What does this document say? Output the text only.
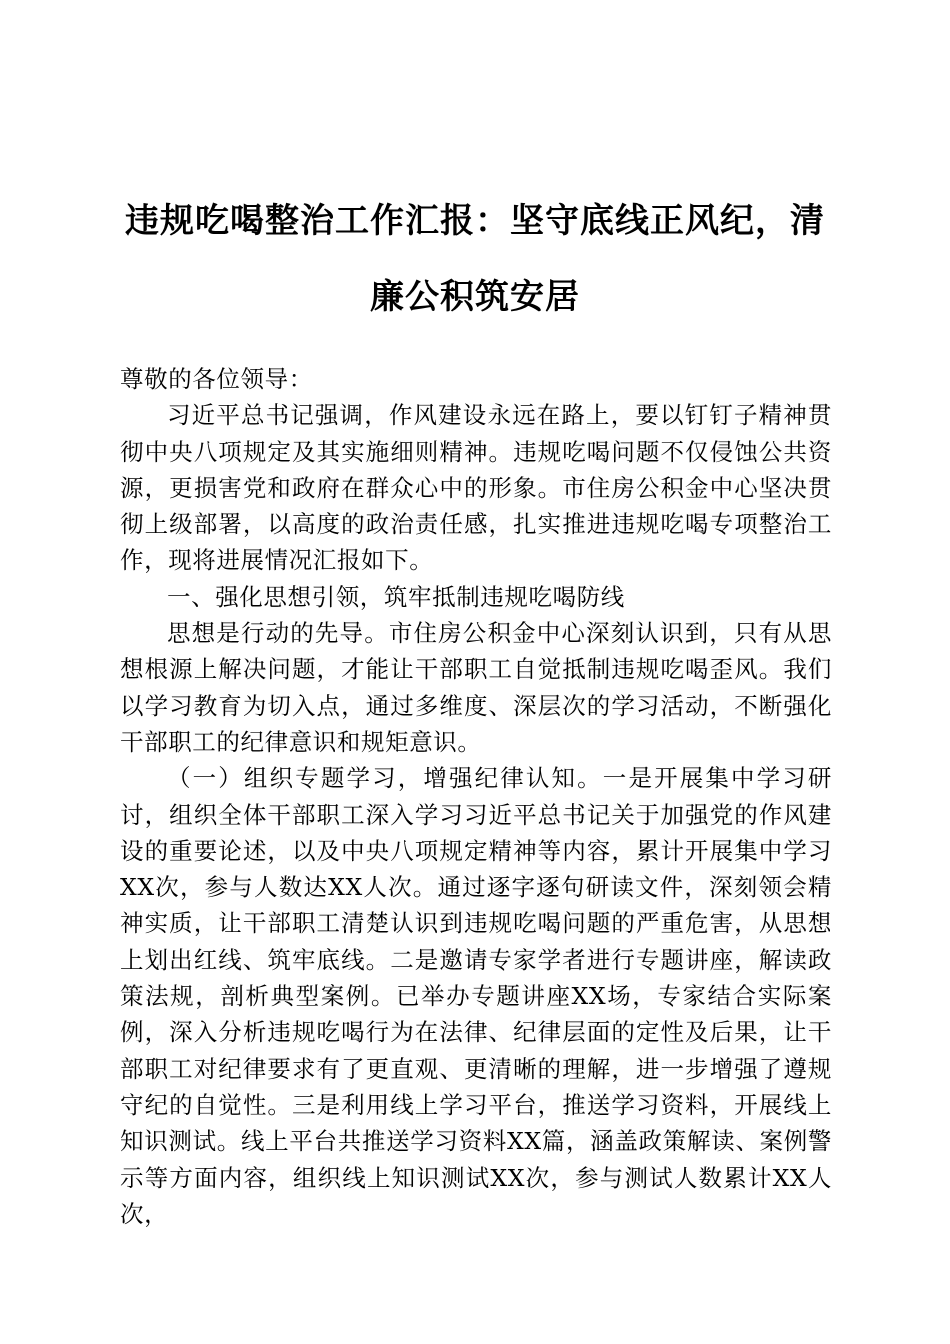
违规吃喝整治工作汇报：坚守底线正风纪，清
廉公积筑安居

尊敬的各位领导：

习近平总书记强调，作风建设永远在路上，要以钉钉子精神贯彻中央八项规定及其实施细则精神。违规吃喝问题不仅侵蚀公共资源，更损害党和政府在群众心中的形象。市住房公积金中心坚决贯彻上级部署，以高度的政治责任感，扎实推进违规吃喝专项整治工作，现将进展情况汇报如下。

一、强化思想引领，筑牢抵制违规吃喝防线

思想是行动的先导。市住房公积金中心深刻认识到，只有从思想根源上解决问题，才能让干部职工自觉抵制违规吃喝歪风。我们以学习教育为切入点，通过多维度、深层次的学习活动，不断强化干部职工的纪律意识和规矩意识。

（一）组织专题学习，增强纪律认知。一是开展集中学习研讨，组织全体干部职工深入学习习近平总书记关于加强党的作风建设的重要论述，以及中央八项规定精神等内容，累计开展集中学习XX次，参与人数达XX人次。通过逐字逐句研读文件，深刻领会精神实质，让干部职工清楚认识到违规吃喝问题的严重危害，从思想上划出红线、筑牢底线。二是邀请专家学者进行专题讲座，解读政策法规，剖析典型案例。已举办专题讲座XX场，专家结合实际案例，深入分析违规吃喝行为在法律、纪律层面的定性及后果，让干部职工对纪律要求有了更直观、更清晰的理解，进一步增强了遵规守纪的自觉性。三是利用线上学习平台，推送学习资料，开展线上知识测试。线上平台共推送学习资料XX篇，涵盖政策解读、案例警示等方面内容，组织线上知识测试XX次，参与测试人数累计XX人次，
